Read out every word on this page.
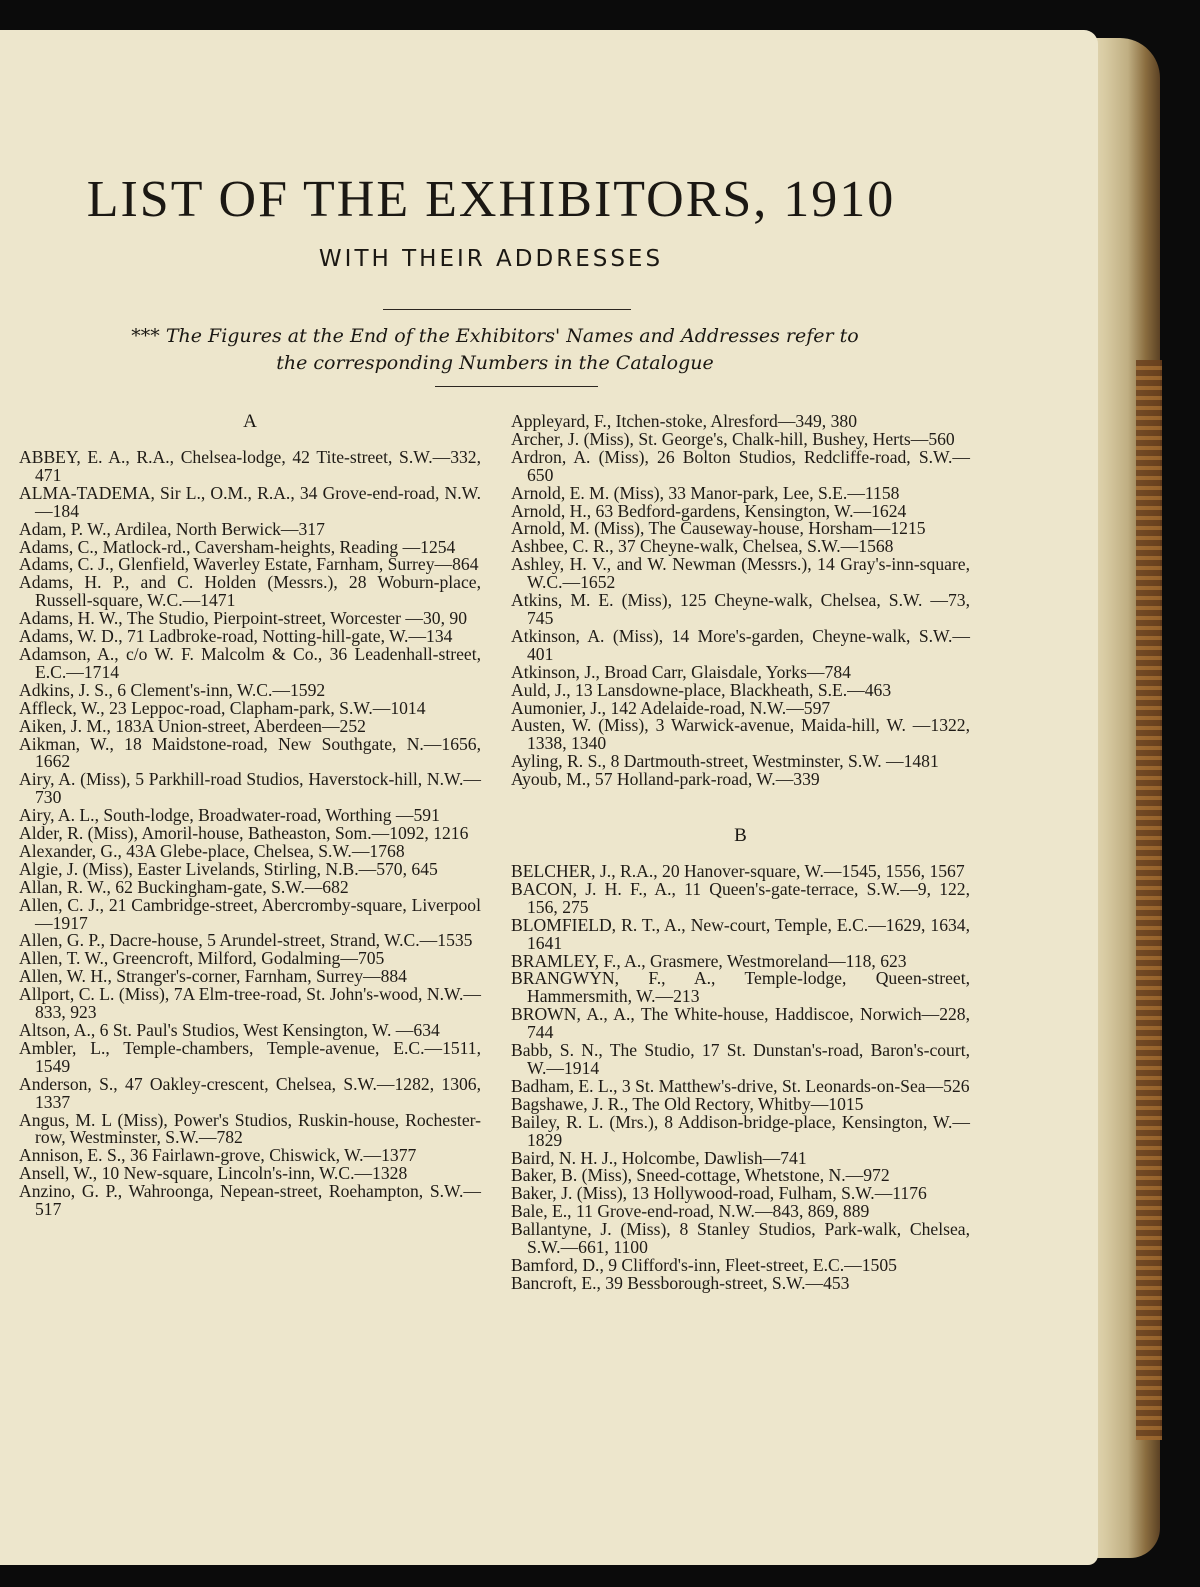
LIST OF THE EXHIBITORS, 1910
WITH THEIR ADDRESSES

*** The Figures at the End of the Exhibitors' Names and Addresses refer to
the corresponding Numbers in the Catalogue

A
ABBEY, E. A., R.A., Chelsea-lodge, 42 Tite-street, S.W.—332, 471
ALMA-TADEMA, Sir L., O.M., R.A., 34 Grove-end-road, N.W.—184
Adam, P. W., Ardilea, North Berwick—317
Adams, C., Matlock-rd., Caversham-heights, Reading —1254
Adams, C. J., Glenfield, Waverley Estate, Farnham, Surrey—864
Adams, H. P., and C. Holden (Messrs.), 28 Woburn-place, Russell-square, W.C.—1471
Adams, H. W., The Studio, Pierpoint-street, Worcester —30, 90
Adams, W. D., 71 Ladbroke-road, Notting-hill-gate, W.—134
Adamson, A., c/o W. F. Malcolm & Co., 36 Leadenhall-street, E.C.—1714
Adkins, J. S., 6 Clement's-inn, W.C.—1592
Affleck, W., 23 Leppoc-road, Clapham-park, S.W.—1014
Aiken, J. M., 183A Union-street, Aberdeen—252
Aikman, W., 18 Maidstone-road, New Southgate, N.—1656, 1662
Airy, A. (Miss), 5 Parkhill-road Studios, Haverstock-hill, N.W.—730
Airy, A. L., South-lodge, Broadwater-road, Worthing —591
Alder, R. (Miss), Amoril-house, Batheaston, Som.—1092, 1216
Alexander, G., 43A Glebe-place, Chelsea, S.W.—1768
Algie, J. (Miss), Easter Livelands, Stirling, N.B.—570, 645
Allan, R. W., 62 Buckingham-gate, S.W.—682
Allen, C. J., 21 Cambridge-street, Abercromby-square, Liverpool—1917
Allen, G. P., Dacre-house, 5 Arundel-street, Strand, W.C.—1535
Allen, T. W., Greencroft, Milford, Godalming—705
Allen, W. H., Stranger's-corner, Farnham, Surrey—884
Allport, C. L. (Miss), 7A Elm-tree-road, St. John's-wood, N.W.—833, 923
Altson, A., 6 St. Paul's Studios, West Kensington, W. —634
Ambler, L., Temple-chambers, Temple-avenue, E.C.—1511, 1549
Anderson, S., 47 Oakley-crescent, Chelsea, S.W.—1282, 1306, 1337
Angus, M. L (Miss), Power's Studios, Ruskin-house, Rochester-row, Westminster, S.W.—782
Annison, E. S., 36 Fairlawn-grove, Chiswick, W.—1377
Ansell, W., 10 New-square, Lincoln's-inn, W.C.—1328
Anzino, G. P., Wahroonga, Nepean-street, Roehampton, S.W.—517
Appleyard, F., Itchen-stoke, Alresford—349, 380
Archer, J. (Miss), St. George's, Chalk-hill, Bushey, Herts—560
Ardron, A. (Miss), 26 Bolton Studios, Redcliffe-road, S.W.—650
Arnold, E. M. (Miss), 33 Manor-park, Lee, S.E.—1158
Arnold, H., 63 Bedford-gardens, Kensington, W.—1624
Arnold, M. (Miss), The Causeway-house, Horsham—1215
Ashbee, C. R., 37 Cheyne-walk, Chelsea, S.W.—1568
Ashley, H. V., and W. Newman (Messrs.), 14 Gray's-inn-square, W.C.—1652
Atkins, M. E. (Miss), 125 Cheyne-walk, Chelsea, S.W. —73, 745
Atkinson, A. (Miss), 14 More's-garden, Cheyne-walk, S.W.—401
Atkinson, J., Broad Carr, Glaisdale, Yorks—784
Auld, J., 13 Lansdowne-place, Blackheath, S.E.—463
Aumonier, J., 142 Adelaide-road, N.W.—597
Austen, W. (Miss), 3 Warwick-avenue, Maida-hill, W. —1322, 1338, 1340
Ayling, R. S., 8 Dartmouth-street, Westminster, S.W. —1481
Ayoub, M., 57 Holland-park-road, W.—339
B
BELCHER, J., R.A., 20 Hanover-square, W.—1545, 1556, 1567
BACON, J. H. F., A., 11 Queen's-gate-terrace, S.W.—9, 122, 156, 275
BLOMFIELD, R. T., A., New-court, Temple, E.C.—1629, 1634, 1641
BRAMLEY, F., A., Grasmere, Westmoreland—118, 623
BRANGWYN, F., A., Temple-lodge, Queen-street, Hammersmith, W.—213
BROWN, A., A., The White-house, Haddiscoe, Norwich—228, 744
Babb, S. N., The Studio, 17 St. Dunstan's-road, Baron's-court, W.—1914
Badham, E. L., 3 St. Matthew's-drive, St. Leonards-on-Sea—526
Bagshawe, J. R., The Old Rectory, Whitby—1015
Bailey, R. L. (Mrs.), 8 Addison-bridge-place, Kensington, W.—1829
Baird, N. H. J., Holcombe, Dawlish—741
Baker, B. (Miss), Sneed-cottage, Whetstone, N.—972
Baker, J. (Miss), 13 Hollywood-road, Fulham, S.W.—1176
Bale, E., 11 Grove-end-road, N.W.—843, 869, 889
Ballantyne, J. (Miss), 8 Stanley Studios, Park-walk, Chelsea, S.W.—661, 1100
Bamford, D., 9 Clifford's-inn, Fleet-street, E.C.—1505
Bancroft, E., 39 Bessborough-street, S.W.—453
